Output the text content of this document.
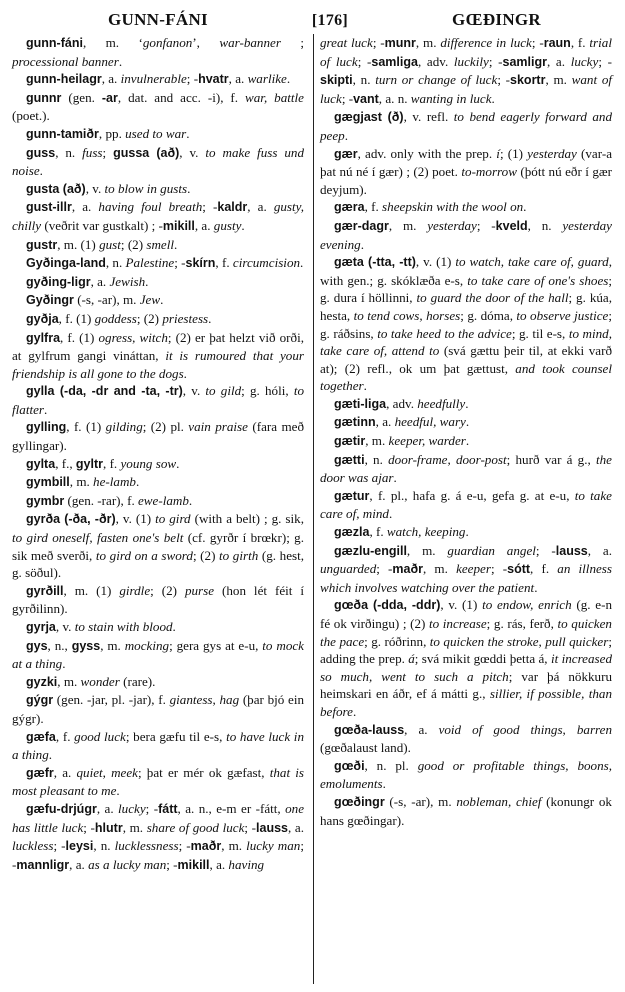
GUNN-FÁNI	[176]	GŒÐINGR

gunn-fáni, m. ‘gonfanon’, war-banner ; processional banner.

gunn-heilagr, a. invulnerable; -hvatr, a. warlike.

gunnr (gen. -ar, dat. and acc. -i), f. war, battle (poet.).

gunn-tamiðr, pp. used to war.

guss, n. fuss; gussa (að), v. to make fuss und noise.

gusta (að), v. to blow in gusts.

gust-illr, a. having foul breath; -kaldr, a. gusty, chilly (veðrit var gustkalt) ; -mikill, a. gusty.

gustr, m. (1) gust; (2) smell.

Gyðinga-land, n. Palestine; -skírn, f. circumcision.

gyðing-ligr, a. Jewish.

Gyðingr (-s, -ar), m. Jew.

gyðja, f. (1) goddess; (2) priestess.

gylfra, f. (1) ogress, witch; (2) er þat helzt við orði, at gylfrum gangi vináttan, it is rumoured that your friendship is all gone to the dogs.

gylla (-da, -dr and -ta, -tr), v. to gild; g. hóli, to flatter.

gylling, f. (1) gilding; (2) pl. vain praise (fara með gyllingar).

gylta, f., gyltr, f. young sow.

gymbill, m. he-lamb.

gymbr (gen. -rar), f. ewe-lamb.

gyrða (-ða, -ðr), v. (1) to gird (with a belt) ; g. sik, to gird oneself, fasten one's belt (cf. gyrðr í brœkr); g. sik með sverði, to gird on a sword; (2) to girth (g. hest, g. söðul).

gyrðill, m. (1) girdle; (2) purse (hon lét féit í gyrðilinn).

gyrja, v. to stain with blood.

gys, n., gyss, m. mocking; gera gys at e-u, to mock at a thing.

gyzki, m. wonder (rare).

gýgr (gen. -jar, pl. -jar), f. giantess, hag (þar bjó ein gýgr).

gæfa, f. good luck; bera gæfu til e-s, to have luck in a thing.

gæfr, a. quiet, meek; þat er mér ok gæfast, that is most pleasant to me.

gæfu-drjúgr, a. lucky; -fátt, a. n., e-m er -fátt, one has little luck; -hlutr, m. share of good luck; -lauss, a. luckless; -leysi, n. lucklessness; -maðr, m. lucky man; -mannligr, a. as a lucky man; -mikill, a. having

great luck; -munr, m. difference in luck; -raun, f. trial of luck; -samliga, adv. luckily; -samligr, a. lucky; -skipti, n. turn or change of luck; -skortr, m. want of luck; -vant, a. n. wanting in luck.

gægjast (ð), v. refl. to bend eagerly forward and peep.

gær, adv. only with the prep. í; (1) yesterday (var-a þat nú né í gær) ; (2) poet. to-morrow (þótt nú eðr í gær deyjum).

gæra, f. sheepskin with the wool on.

gær-dagr, m. yesterday; -kveld, n. yesterday evening.

gæta (-tta, -tt), v. (1) to watch, take care of, guard, with gen.; g. skóklæða e-s, to take care of one's shoes; g. dura í höllinni, to guard the door of the hall; g. kúa, hesta, to tend cows, horses; g. dóma, to observe justice; g. ráðsins, to take heed to the advice; g. til e-s, to mind, take care of, attend to (svá gættu þeir til, at ekki varð at); (2) refl., ok um þat gættust, and took counsel together.

gæti-liga, adv. heedfully.

gætinn, a. heedful, wary.

gætir, m. keeper, warder.

gætti, n. door-frame, door-post; hurð var á g., the door was ajar.

gætur, f. pl., hafa g. á e-u, gefa g. at e-u, to take care of, mind.

gæzla, f. watch, keeping.

gæzlu-engill, m. guardian angel; -lauss, a. unguarded; -maðr, m. keeper; -sótt, f. an illness which involves watching over the patient.

gœða (-dda, -ddr), v. (1) to endow, enrich (g. e-n fé ok virðingu) ; (2) to increase; g. rás, ferð, to quicken the pace; g. róðrinn, to quicken the stroke, pull quicker; adding the prep. á; svá mikit gœddi þetta á, it increased so much, went to such a pitch; var þá nökkuru heimskari en áðr, ef á mátti g., sillier, if possible, than before.

gœða-lauss, a. void of good things, barren (gœðalaust land).

gœði, n. pl. good or profitable things, boons, emoluments.

gœðingr (-s, -ar), m. nobleman, chief (konungr ok hans gœðingar).
